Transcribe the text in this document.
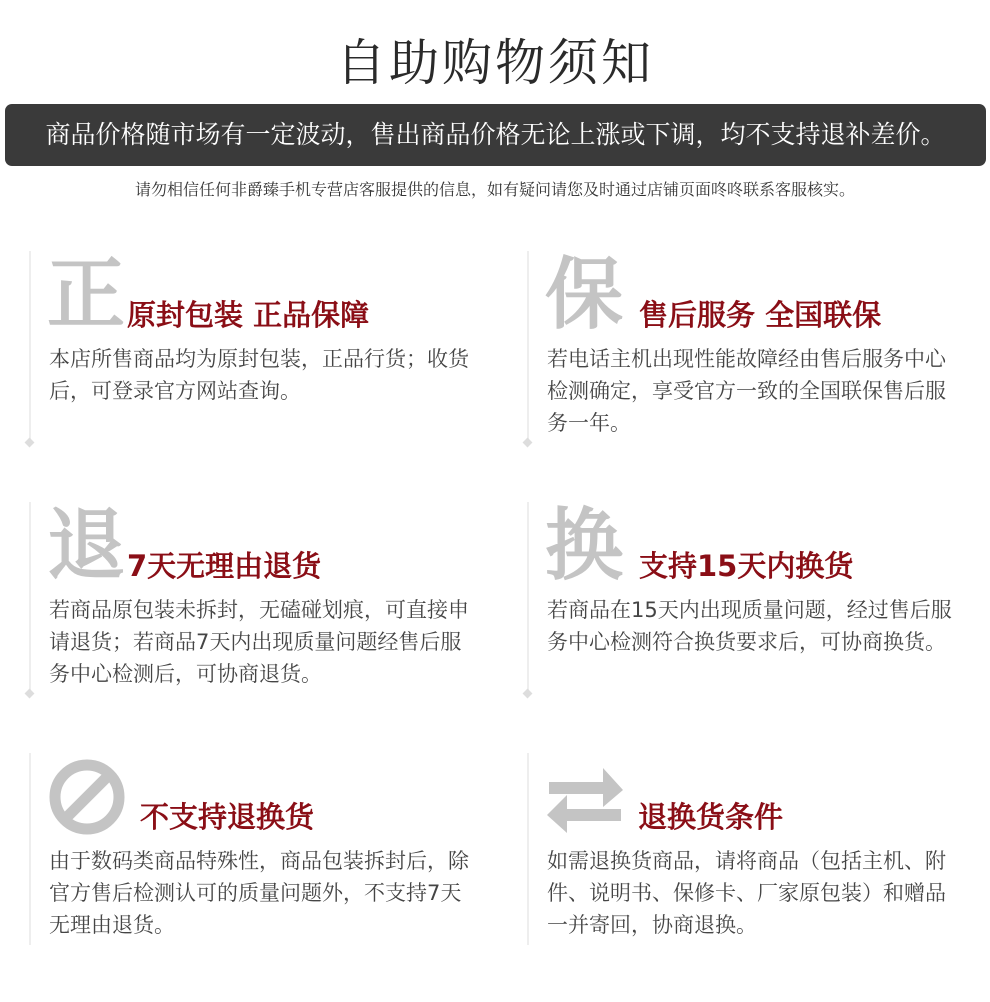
自助购物须知
商品价格随市场有一定波动，售出商品价格无论上涨或下调，均不支持退补差价。
请勿相信任何非爵臻手机专营店客服提供的信息，如有疑问请您及时通过店铺页面咚咚联系客服核实。
正 原封包装 正品保障
本店所售商品均为原封包装，正品行货；收货后，可登录官方网站查询。
保 售后服务 全国联保
若电话主机出现性能故障经由售后服务中心检测确定，享受官方一致的全国联保售后服务一年。
退 7天无理由退货
若商品原包装未拆封，无磕碰划痕，可直接申请退货；若商品7天内出现质量问题经售后服务中心检测后，可协商退货。
换 支持15天内换货
若商品在15天内出现质量问题，经过售后服务中心检测符合换货要求后，可协商换货。
不支持退换货
由于数码类商品特殊性，商品包装拆封后，除官方售后检测认可的质量问题外，不支持7天无理由退货。
退换货条件
如需退换货商品，请将商品（包括主机、附件、说明书、保修卡、厂家原包装）和赠品一并寄回，协商退换。
